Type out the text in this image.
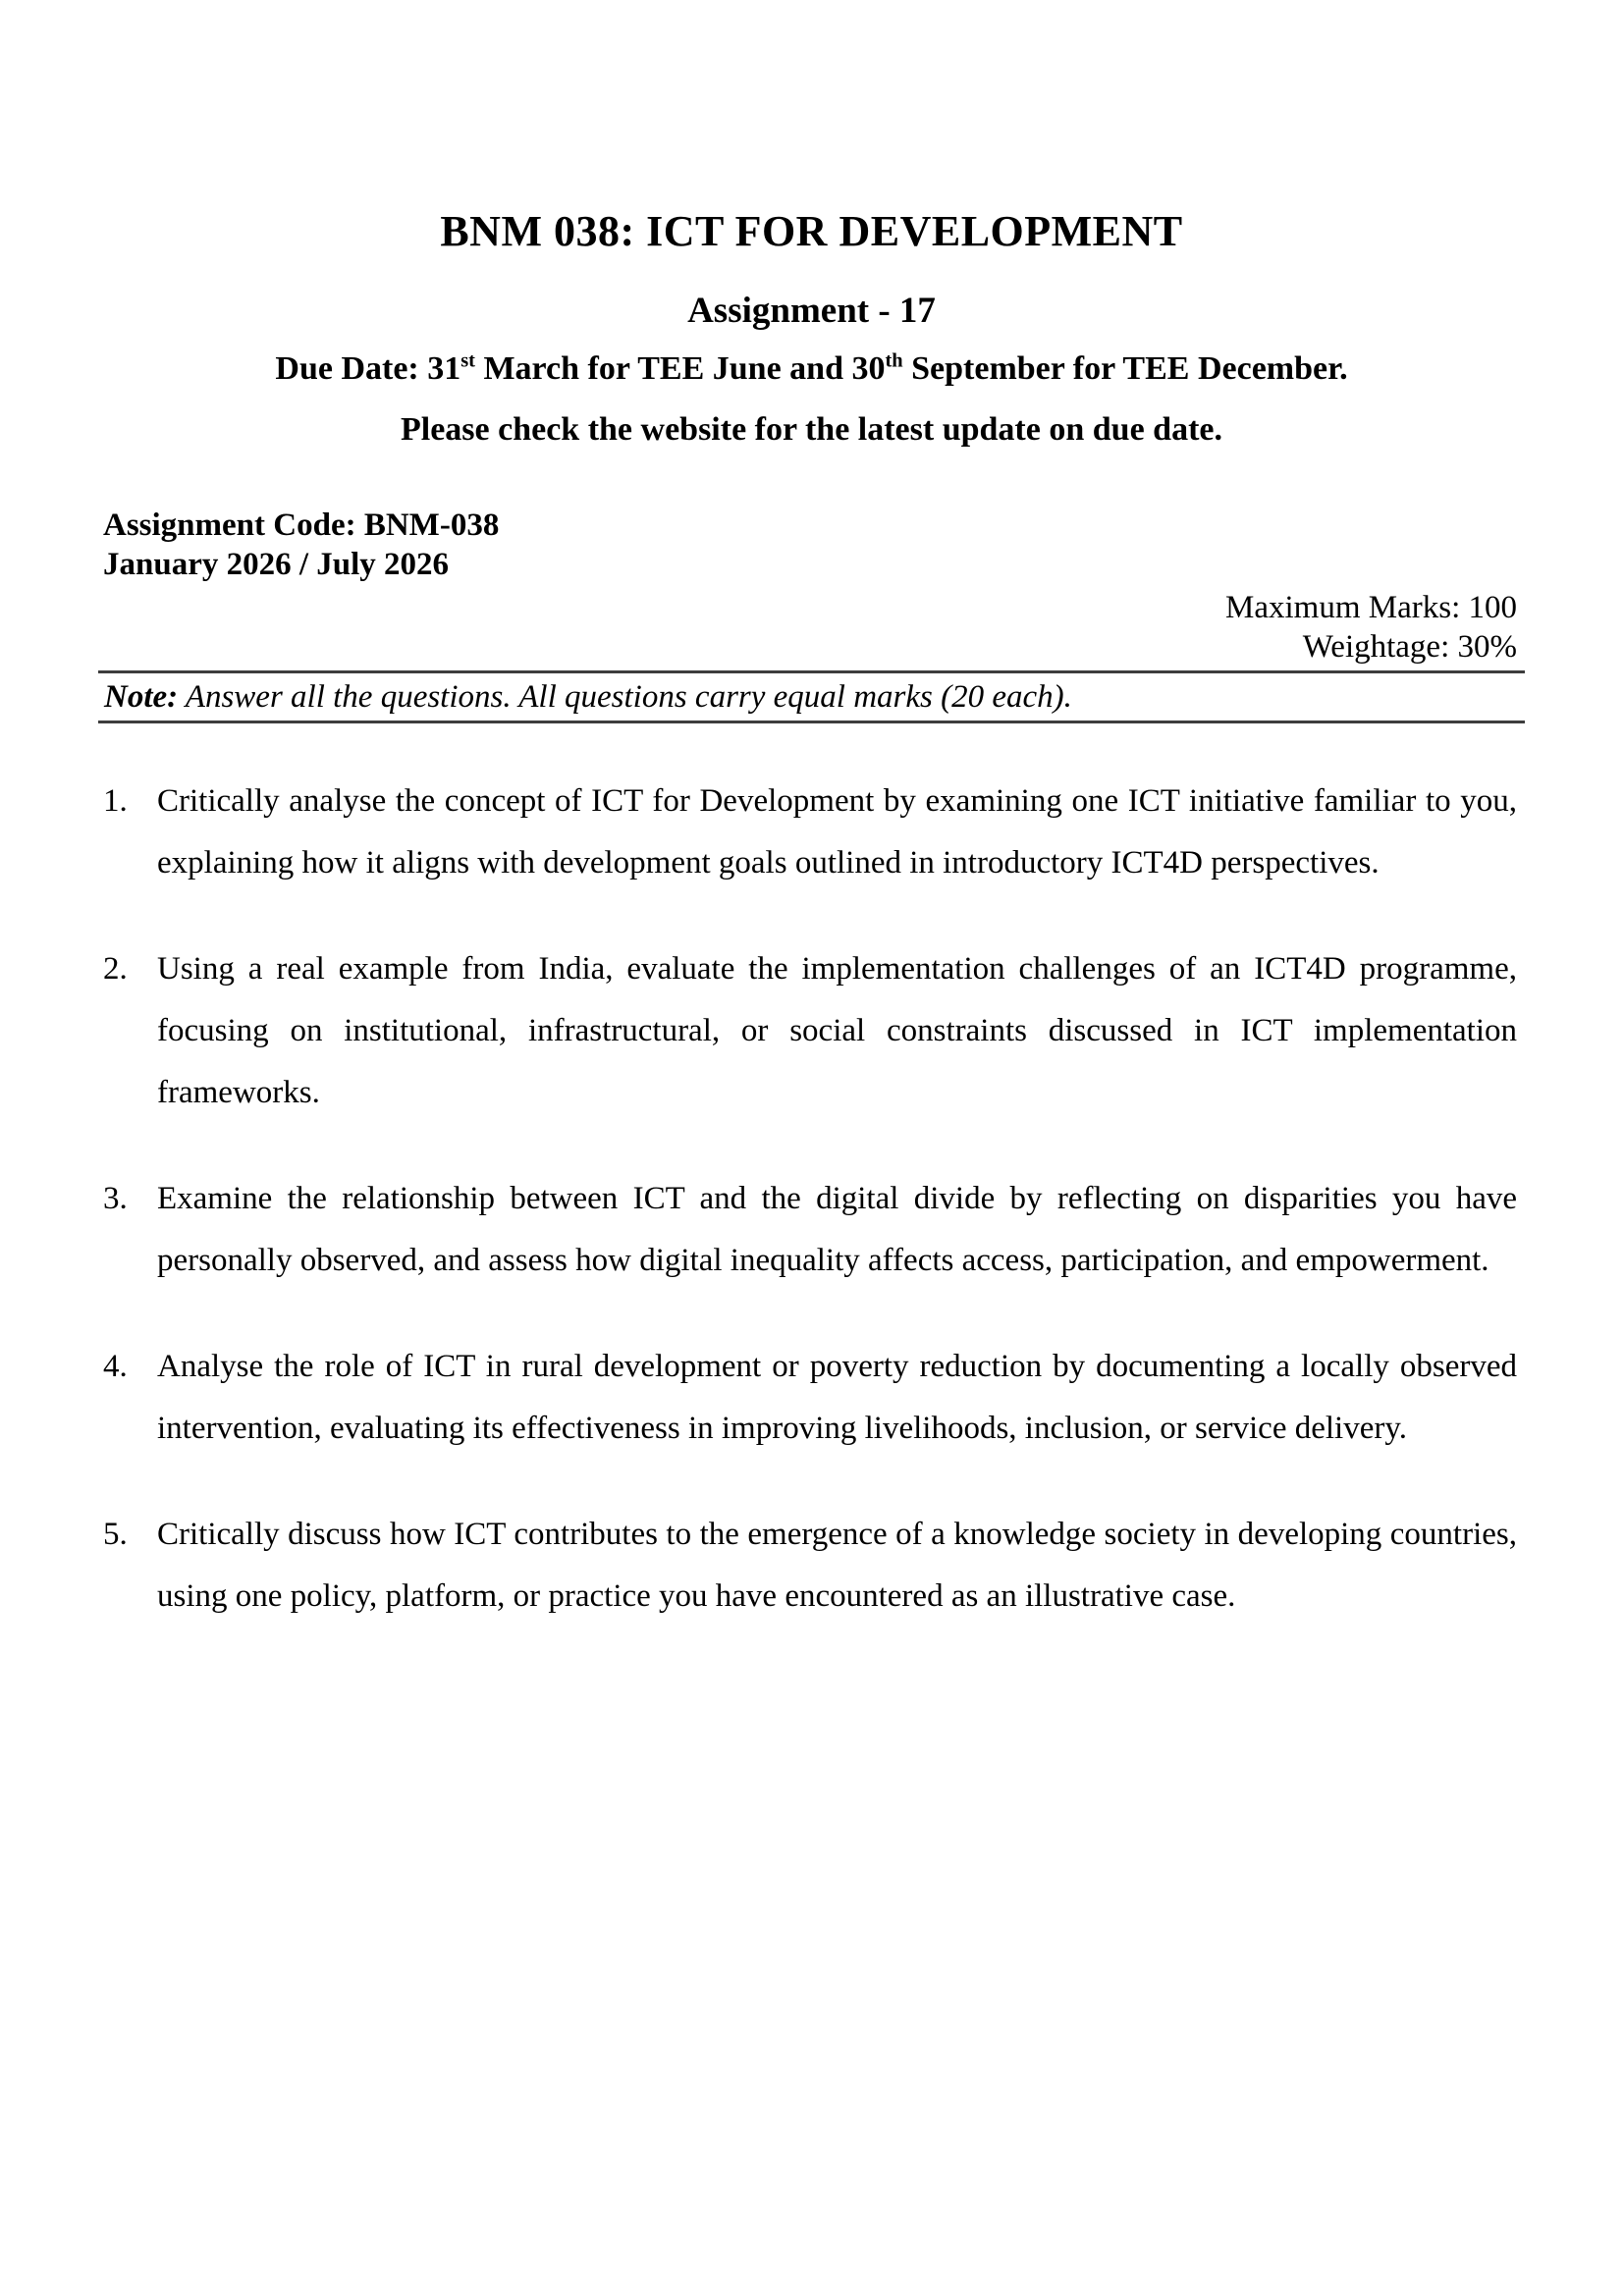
BNM 038: ICT FOR DEVELOPMENT
Assignment - 17
Due Date: 31st March for TEE June and 30th September for TEE December.
Please check the website for the latest update on due date.
Assignment Code: BNM-038
January 2026 / July 2026
Maximum Marks: 100
Weightage: 30%
Note: Answer all the questions. All questions carry equal marks (20 each).
1. Critically analyse the concept of ICT for Development by examining one ICT initiative familiar to you, explaining how it aligns with development goals outlined in introductory ICT4D perspectives.
2. Using a real example from India, evaluate the implementation challenges of an ICT4D programme, focusing on institutional, infrastructural, or social constraints discussed in ICT implementation frameworks.
3. Examine the relationship between ICT and the digital divide by reflecting on disparities you have personally observed, and assess how digital inequality affects access, participation, and empowerment.
4. Analyse the role of ICT in rural development or poverty reduction by documenting a locally observed intervention, evaluating its effectiveness in improving livelihoods, inclusion, or service delivery.
5. Critically discuss how ICT contributes to the emergence of a knowledge society in developing countries, using one policy, platform, or practice you have encountered as an illustrative case.
